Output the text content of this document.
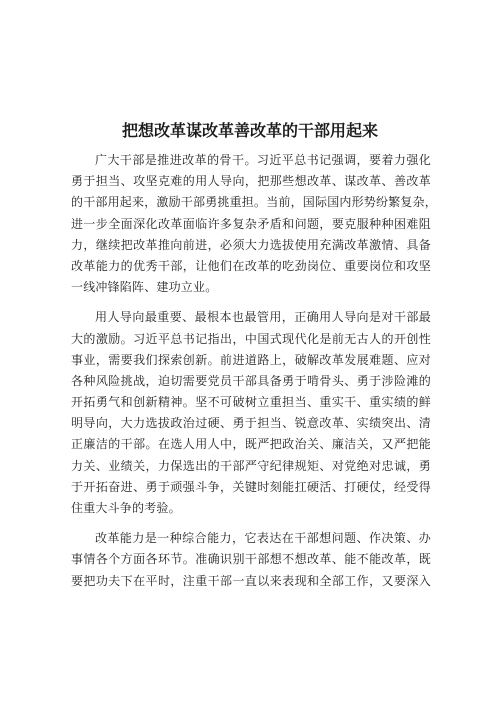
把想改革谋改革善改革的干部用起来
广大干部是推进改革的骨干。习近平总书记强调，要着力强化
勇于担当、攻坚克难的用人导向，把那些想改革、谋改革、善改革
的干部用起来，激励干部勇挑重担。当前，国际国内形势纷繁复杂，
进一步全面深化改革面临许多复杂矛盾和问题，要克服种种困难阻
力，继续把改革推向前进，必须大力选拔使用充满改革激情、具备
改革能力的优秀干部，让他们在改革的吃劲岗位、重要岗位和攻坚
一线冲锋陷阵、建功立业。
用人导向最重要、最根本也最管用，正确用人导向是对干部最
大的激励。习近平总书记指出，中国式现代化是前无古人的开创性
事业，需要我们探索创新。前进道路上，破解改革发展难题、应对
各种风险挑战，迫切需要党员干部具备勇于啃骨头、勇于涉险滩的
开拓勇气和创新精神。坚不可破树立重担当、重实干、重实绩的鲜
明导向，大力选拔政治过硬、勇于担当、锐意改革、实绩突出、清
正廉洁的干部。在选人用人中，既严把政治关、廉洁关，又严把能
力关、业绩关，力保选出的干部严守纪律规矩、对党绝对忠诚，勇
于开拓奋进、勇于顽强斗争，关键时刻能扛硬活、打硬仗，经受得
住重大斗争的考验。
改革能力是一种综合能力，它表达在干部想问题、作决策、办
事情各个方面各环节。准确识别干部想不想改革、能不能改革，既
要把功夫下在平时，注重干部一直以来表现和全部工作，又要深入
